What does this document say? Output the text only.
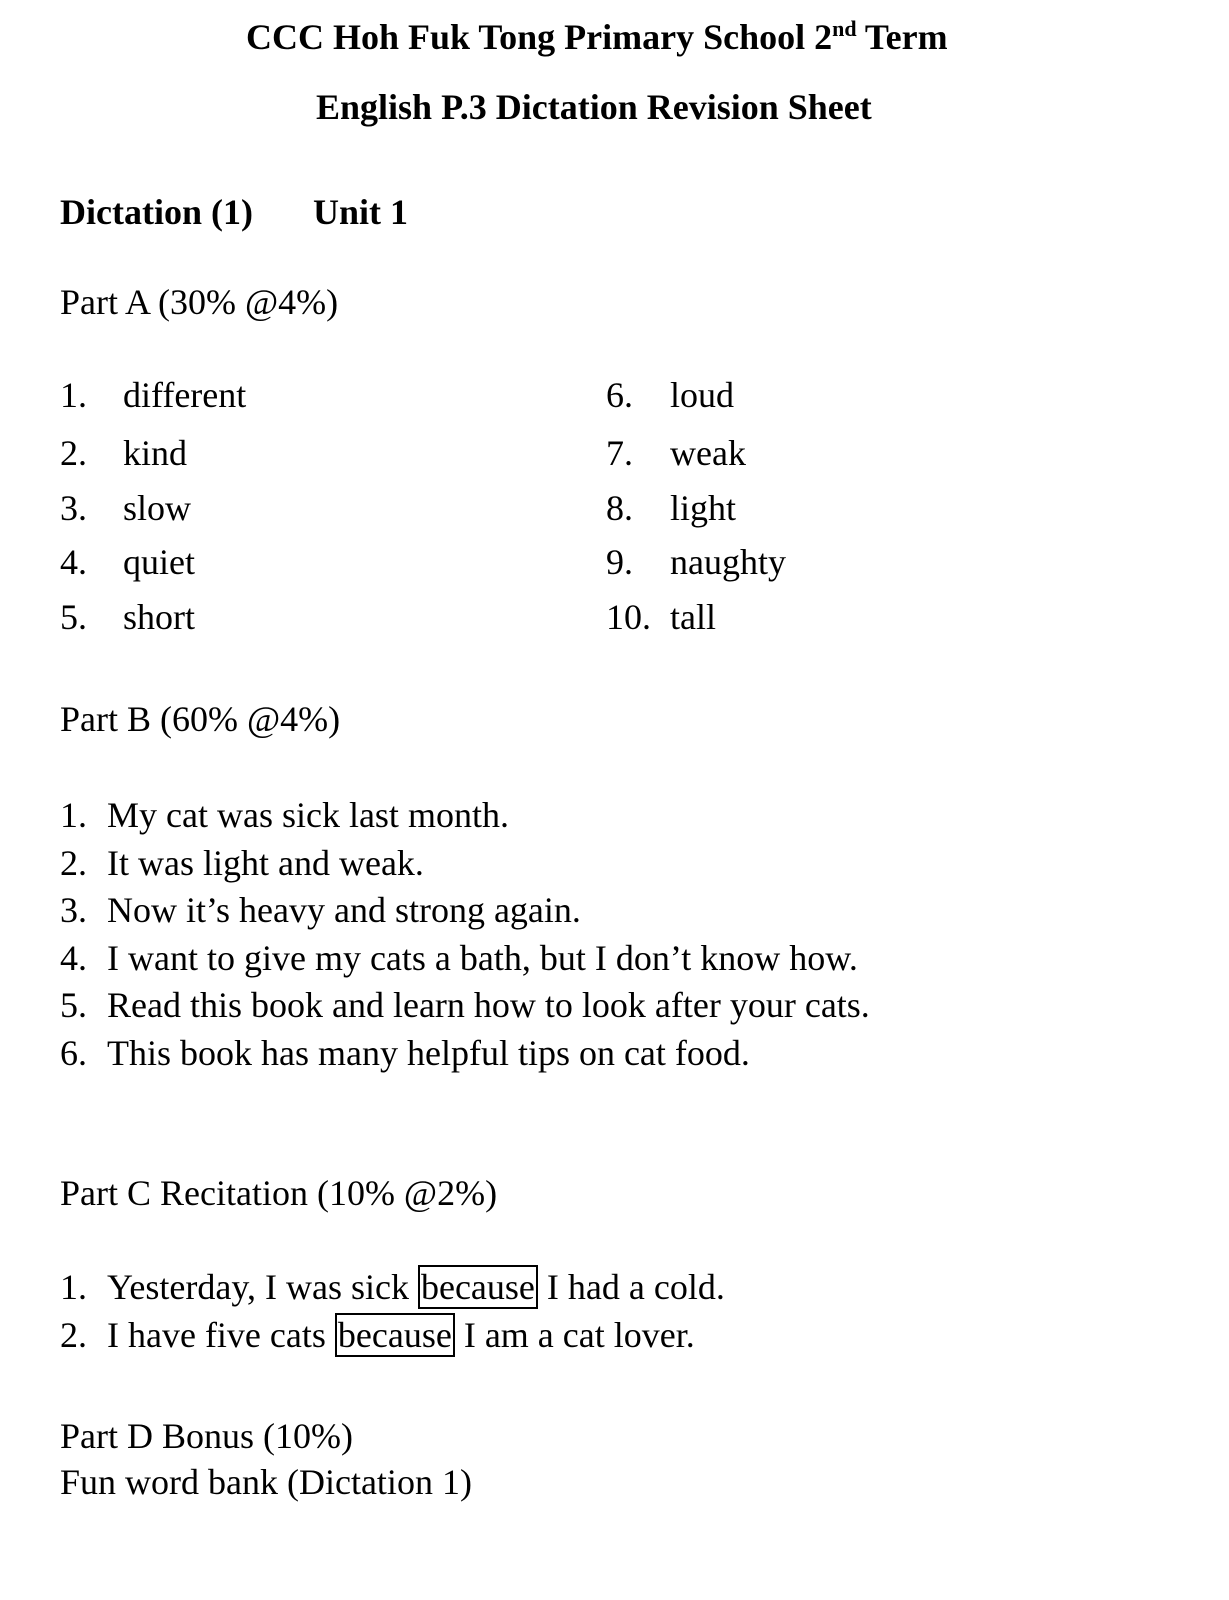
CCC Hoh Fuk Tong Primary School 2nd Term
English P.3 Dictation Revision Sheet
Dictation (1) Unit 1
Part A (30% @4%)
Part B (60% @4%)
Part C Recitation (10% @2%)
Part D Bonus (10%)
Fun word bank (Dictation 1)
1. different
2. kind
3. slow
4. quiet
5. short
6. loud
7. weak
8. light
9. naughty
10. tall
1. My cat was sick last month.
2. It was light and weak.
3. Now it’s heavy and strong again.
4. I want to give my cats a bath, but I don’t know how.
5. Read this book and learn how to look after your cats.
6. This book has many helpful tips on cat food.
1. Yesterday, I was sick because I had a cold.
2. I have five cats because I am a cat lover.
